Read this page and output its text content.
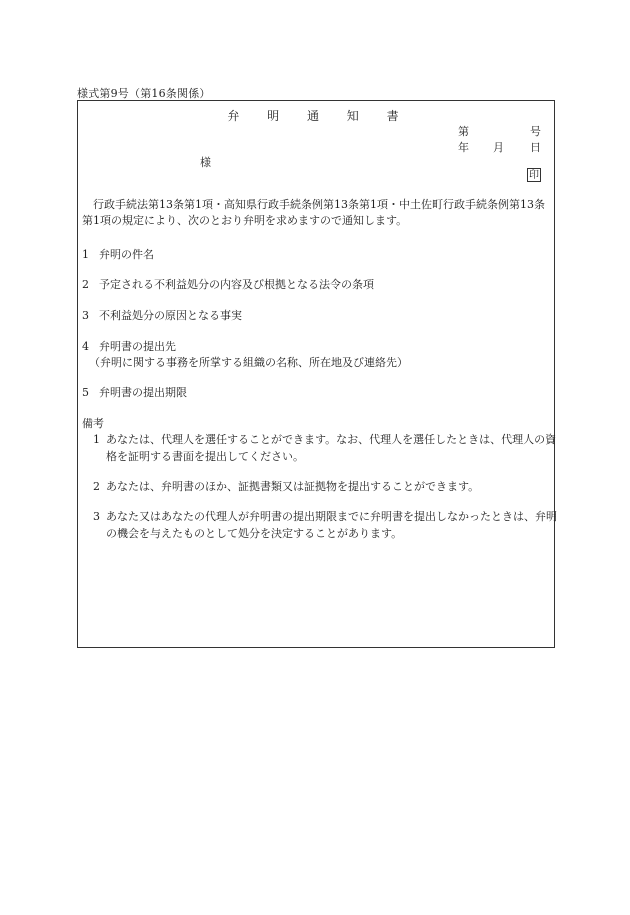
様式第9号（第16条関係）
弁 明 通 知 書
第	号
年 月 日
様
印
行政手続法第13条第1項・高知県行政手続条例第13条第1項・中土佐町行政手続条例第13条第1項の規定により、次のとおり弁明を求めますので通知します。
1 弁明の件名
2 予定される不利益処分の内容及び根拠となる法令の条項
3 不利益処分の原因となる事実
4 弁明書の提出先
（弁明に関する事務を所掌する組織の名称、所在地及び連絡先）
5 弁明書の提出期限
備考
1 あなたは、代理人を選任することができます。なお、代理人を選任したときは、代理人の資格を証明する書面を提出してください。
2 あなたは、弁明書のほか、証拠書類又は証拠物を提出することができます。
3 あなた又はあなたの代理人が弁明書の提出期限までに弁明書を提出しなかったときは、弁明の機会を与えたものとして処分を決定することがあります。
